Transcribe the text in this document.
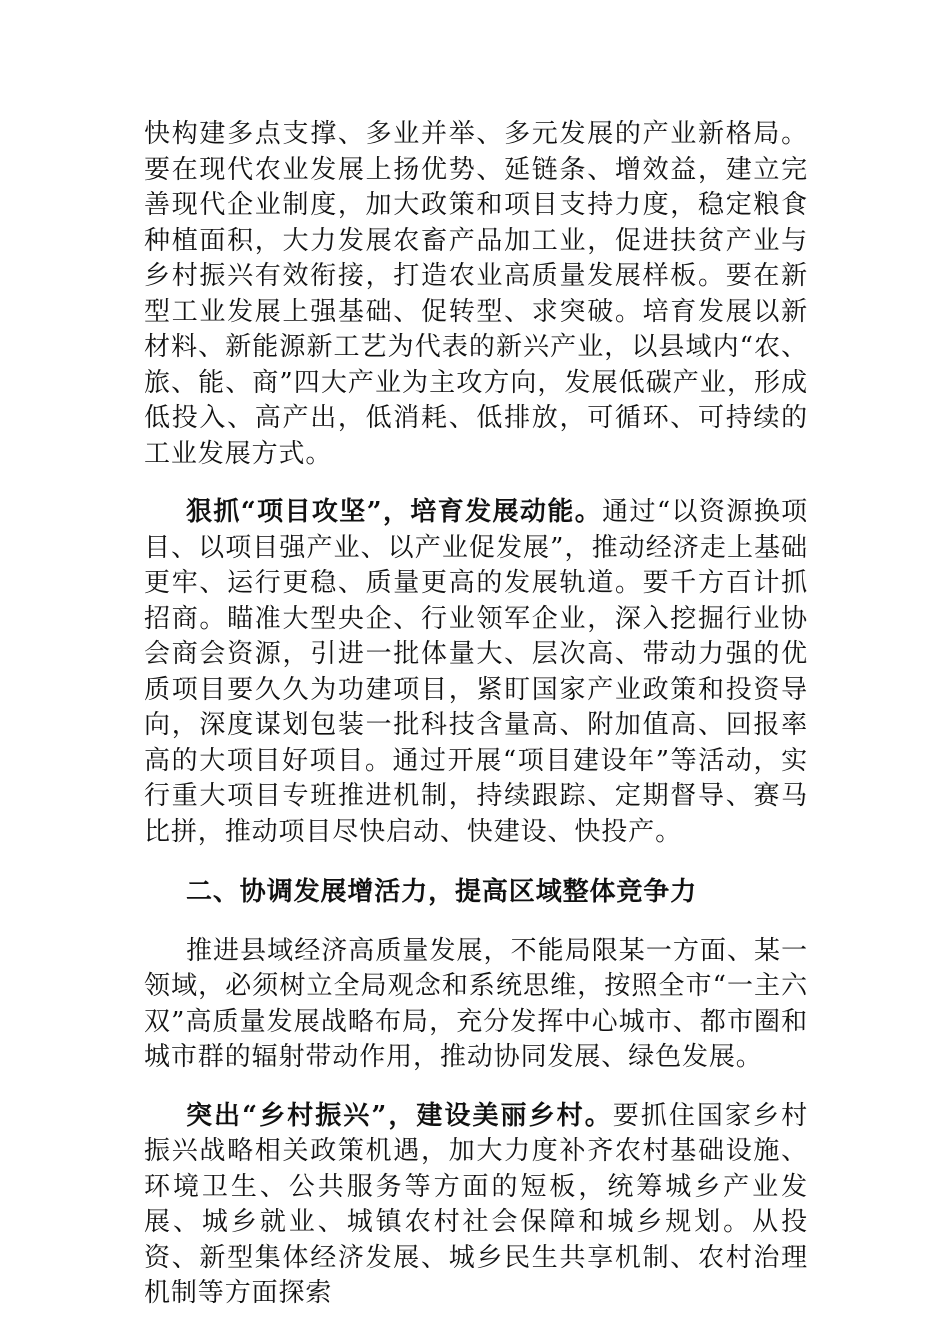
快构建多点支撑、多业并举、多元发展的产业新格局。要在现代农业发展上扬优势、延链条、增效益，建立完善现代企业制度，加大政策和项目支持力度，稳定粮食种植面积，大力发展农畜产品加工业，促进扶贫产业与乡村振兴有效衔接，打造农业高质量发展样板。要在新型工业发展上强基础、促转型、求突破。培育发展以新材料、新能源新工艺为代表的新兴产业，以县域内“农、旅、能、商”四大产业为主攻方向，发展低碳产业，形成低投入、高产出，低消耗、低排放，可循环、可持续的工业发展方式。

狠抓“项目攻坚”，培育发展动能。通过“以资源换项目、以项目强产业、以产业促发展”，推动经济走上基础更牢、运行更稳、质量更高的发展轨道。要千方百计抓招商。瞄准大型央企、行业领军企业，深入挖掘行业协会商会资源，引进一批体量大、层次高、带动力强的优质项目要久久为功建项目，紧盯国家产业政策和投资导向，深度谋划包装一批科技含量高、附加值高、回报率高的大项目好项目。通过开展“项目建设年”等活动，实行重大项目专班推进机制，持续跟踪、定期督导、赛马比拼，推动项目尽快启动、快建设、快投产。

二、协调发展增活力，提高区域整体竞争力

推进县域经济高质量发展，不能局限某一方面、某一领域，必须树立全局观念和系统思维，按照全市“一主六双”高质量发展战略布局，充分发挥中心城市、都市圈和城市群的辐射带动作用，推动协同发展、绿色发展。

突出“乡村振兴”，建设美丽乡村。要抓住国家乡村振兴战略相关政策机遇，加大力度补齐农村基础设施、环境卫生、公共服务等方面的短板，统筹城乡产业发展、城乡就业、城镇农村社会保障和城乡规划。从投资、新型集体经济发展、城乡民生共享机制、农村治理机制等方面探索
